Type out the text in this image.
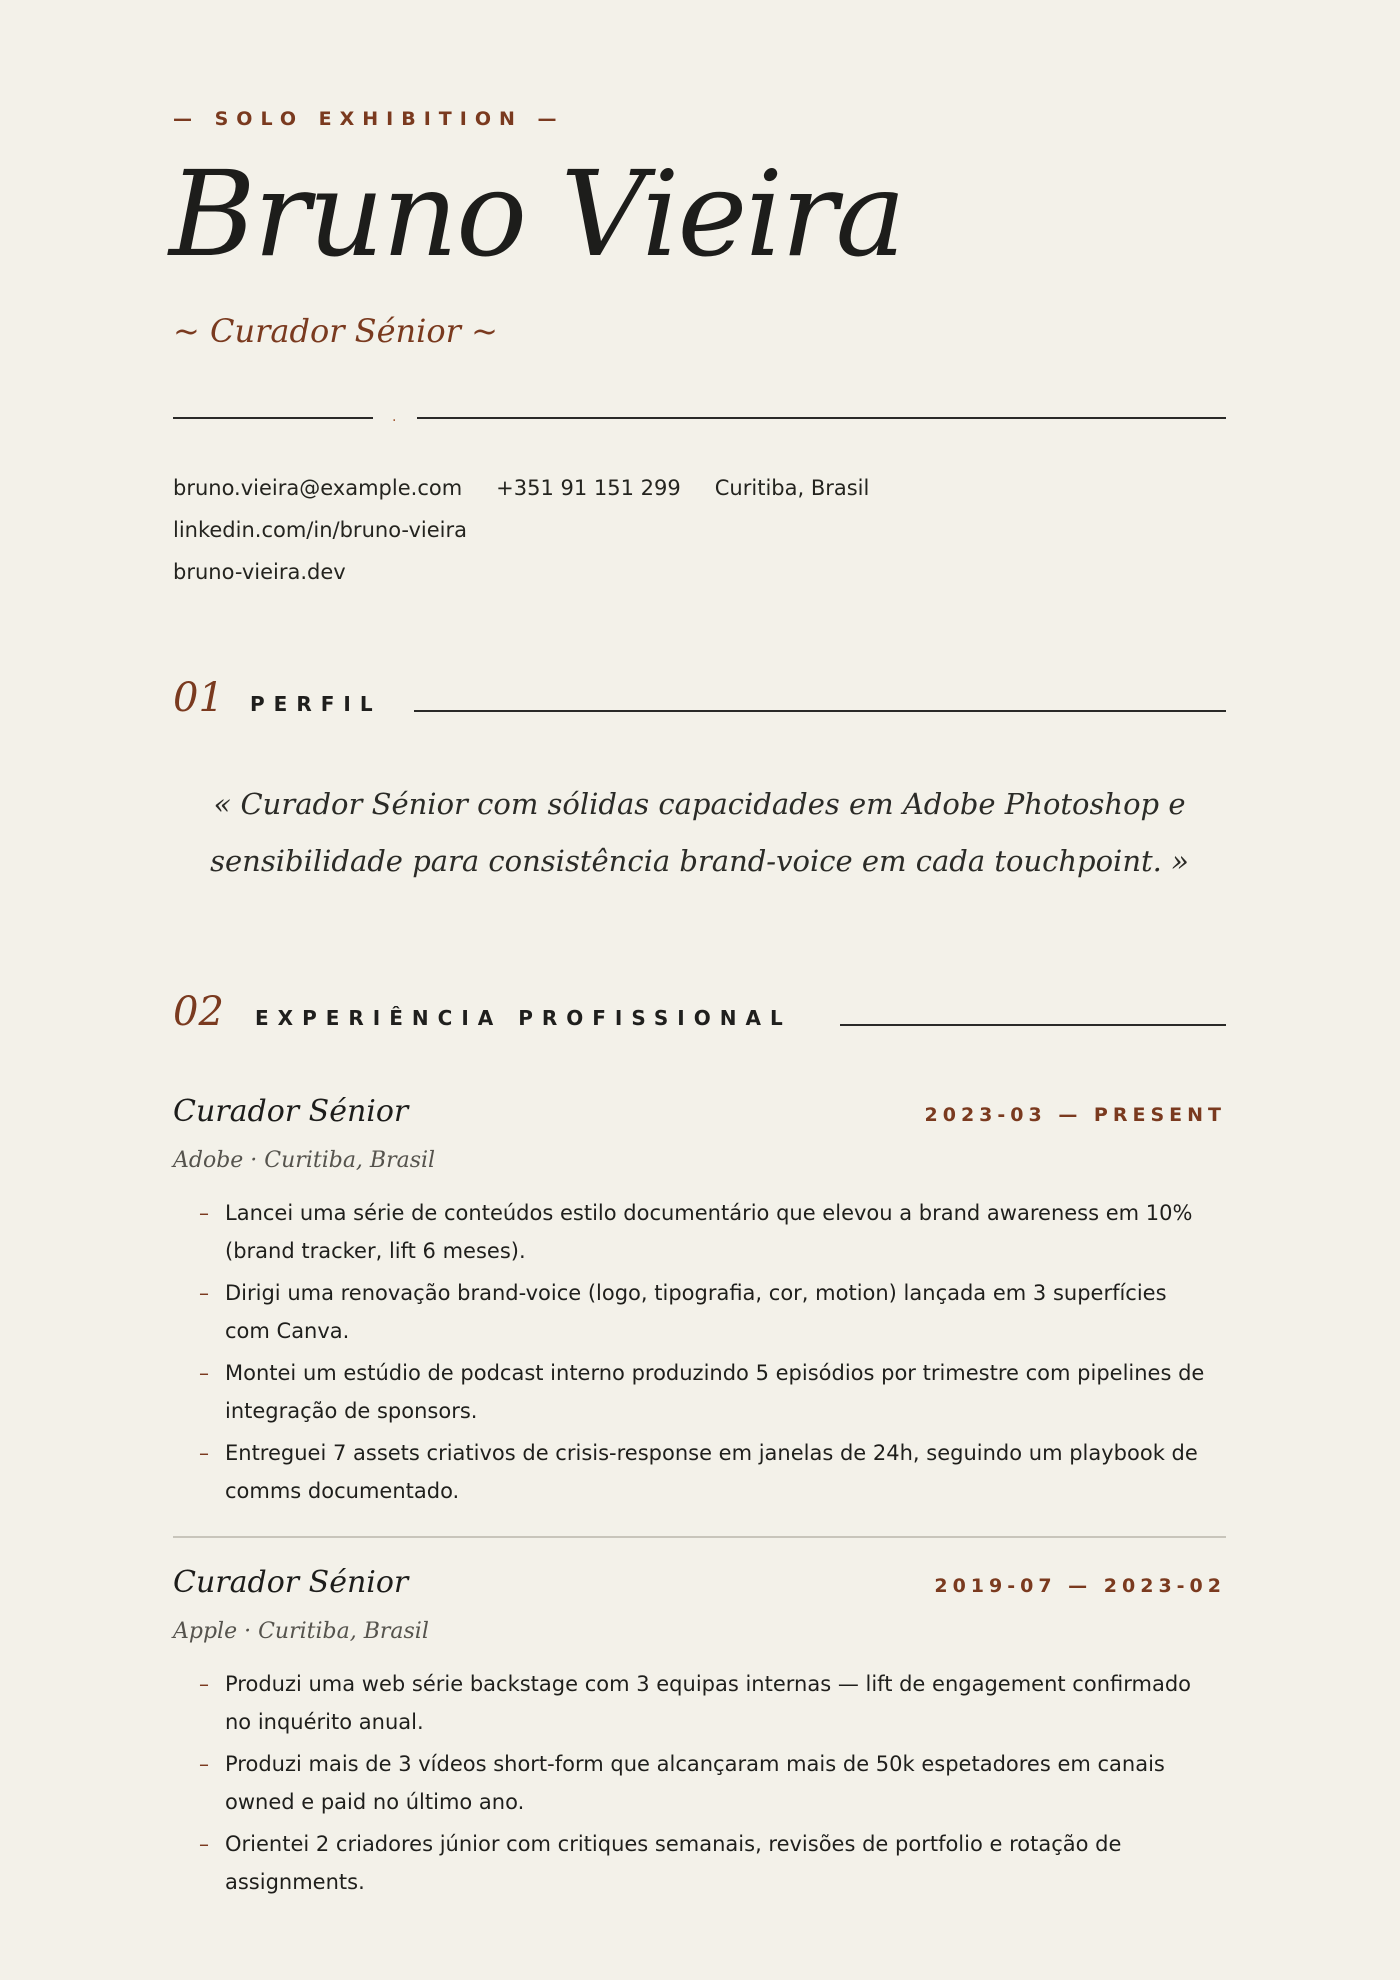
— SOLO EXHIBITION —
Bruno Vieira
~ Curador Sénior ~
·
bruno.vieira@example.com +351 91 151 299 Curitiba, Brasillinkedin.com/in/bruno-vieira
bruno-vieira.dev
01 PERFIL
« Curador Sénior com sólidas capacidades em Adobe Photoshop e sensibilidade para consistência brand-voice em cada touchpoint. »
02 EXPERIÊNCIA PROFISSIONAL
Curador Sénior	2023-03 — PRESENT
Adobe · Curitiba, Brasil
– Lancei uma série de conteúdos estilo documentário que elevou a brand awareness em 10% (brand tracker, lift 6 meses).
– Dirigi uma renovação brand-voice (logo, tipografia, cor, motion) lançada em 3 superfícies com Canva.
– Montei um estúdio de podcast interno produzindo 5 episódios por trimestre com pipelines de integração de sponsors.
– Entreguei 7 assets criativos de crisis-response em janelas de 24h, seguindo um playbook de comms documentado.
Curador Sénior	2019-07 — 2023-02
Apple · Curitiba, Brasil
– Produzi uma web série backstage com 3 equipas internas — lift de engagement confirmado no inquérito anual.
– Produzi mais de 3 vídeos short-form que alcançaram mais de 50k espetadores em canais owned e paid no último ano.
– Orientei 2 criadores júnior com critiques semanais, revisões de portfolio e rotação de assignments.
